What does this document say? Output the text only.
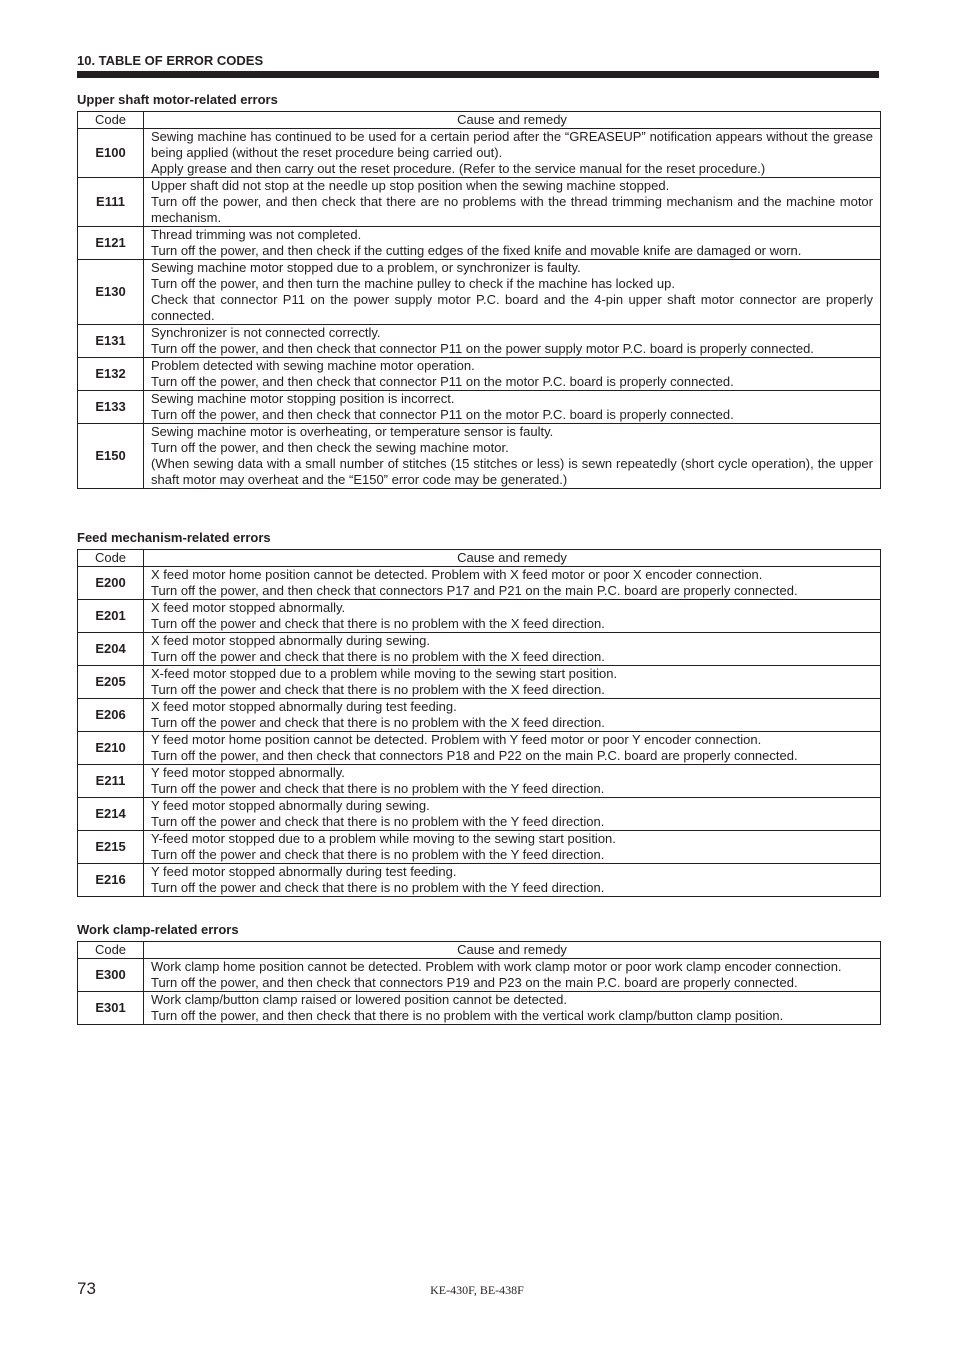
10. TABLE OF ERROR CODES
Upper shaft motor-related errors
Code	Cause and remedy
E100	Sewing machine has continued to be used for a certain period after the “GREASEUP” notification appears without the grease being applied (without the reset procedure being carried out).
Apply grease and then carry out the reset procedure. (Refer to the service manual for the reset procedure.)

E111	Upper shaft did not stop at the needle up stop position when the sewing machine stopped.
Turn off the power, and then check that there are no problems with the thread trimming mechanism and the machine motor mechanism.

E121	Thread trimming was not completed.
Turn off the power, and then check if the cutting edges of the fixed knife and movable knife are damaged or worn.

E130	Sewing machine motor stopped due to a problem, or synchronizer is faulty.
Turn off the power, and then turn the machine pulley to check if the machine has locked up.
Check that connector P11 on the power supply motor P.C. board and the 4-pin upper shaft motor connector are properly connected.

E131	Synchronizer is not connected correctly.
Turn off the power, and then check that connector P11 on the power supply motor P.C. board is properly connected.

E132	Problem detected with sewing machine motor operation.
Turn off the power, and then check that connector P11 on the motor P.C. board is properly connected.

E133	Sewing machine motor stopping position is incorrect.
Turn off the power, and then check that connector P11 on the motor P.C. board is properly connected.

E150	Sewing machine motor is overheating, or temperature sensor is faulty.
Turn off the power, and then check the sewing machine motor.
(When sewing data with a small number of stitches (15 stitches or less) is sewn repeatedly (short cycle operation), the upper shaft motor may overheat and the “E150” error code may be generated.)
Feed mechanism-related errors
Code	Cause and remedy
E200	X feed motor home position cannot be detected. Problem with X feed motor or poor X encoder connection.
Turn off the power, and then check that connectors P17 and P21 on the main P.C. board are properly connected.

E201	X feed motor stopped abnormally.
Turn off the power and check that there is no problem with the X feed direction.

E204	X feed motor stopped abnormally during sewing.
Turn off the power and check that there is no problem with the X feed direction.

E205	X-feed motor stopped due to a problem while moving to the sewing start position.
Turn off the power and check that there is no problem with the X feed direction.

E206	X feed motor stopped abnormally during test feeding.
Turn off the power and check that there is no problem with the X feed direction.

E210	Y feed motor home position cannot be detected. Problem with Y feed motor or poor Y encoder connection.
Turn off the power, and then check that connectors P18 and P22 on the main P.C. board are properly connected.

E211	Y feed motor stopped abnormally.
Turn off the power and check that there is no problem with the Y feed direction.

E214	Y feed motor stopped abnormally during sewing.
Turn off the power and check that there is no problem with the Y feed direction.

E215	Y-feed motor stopped due to a problem while moving to the sewing start position.
Turn off the power and check that there is no problem with the Y feed direction.

E216	Y feed motor stopped abnormally during test feeding.
Turn off the power and check that there is no problem with the Y feed direction.
Work clamp-related errors
Code	Cause and remedy
E300	Work clamp home position cannot be detected. Problem with work clamp motor or poor work clamp encoder connection.
Turn off the power, and then check that connectors P19 and P23 on the main P.C. board are properly connected.

E301	Work clamp/button clamp raised or lowered position cannot be detected.
Turn off the power, and then check that there is no problem with the vertical work clamp/button clamp position.
73	KE-430F, BE-438F
